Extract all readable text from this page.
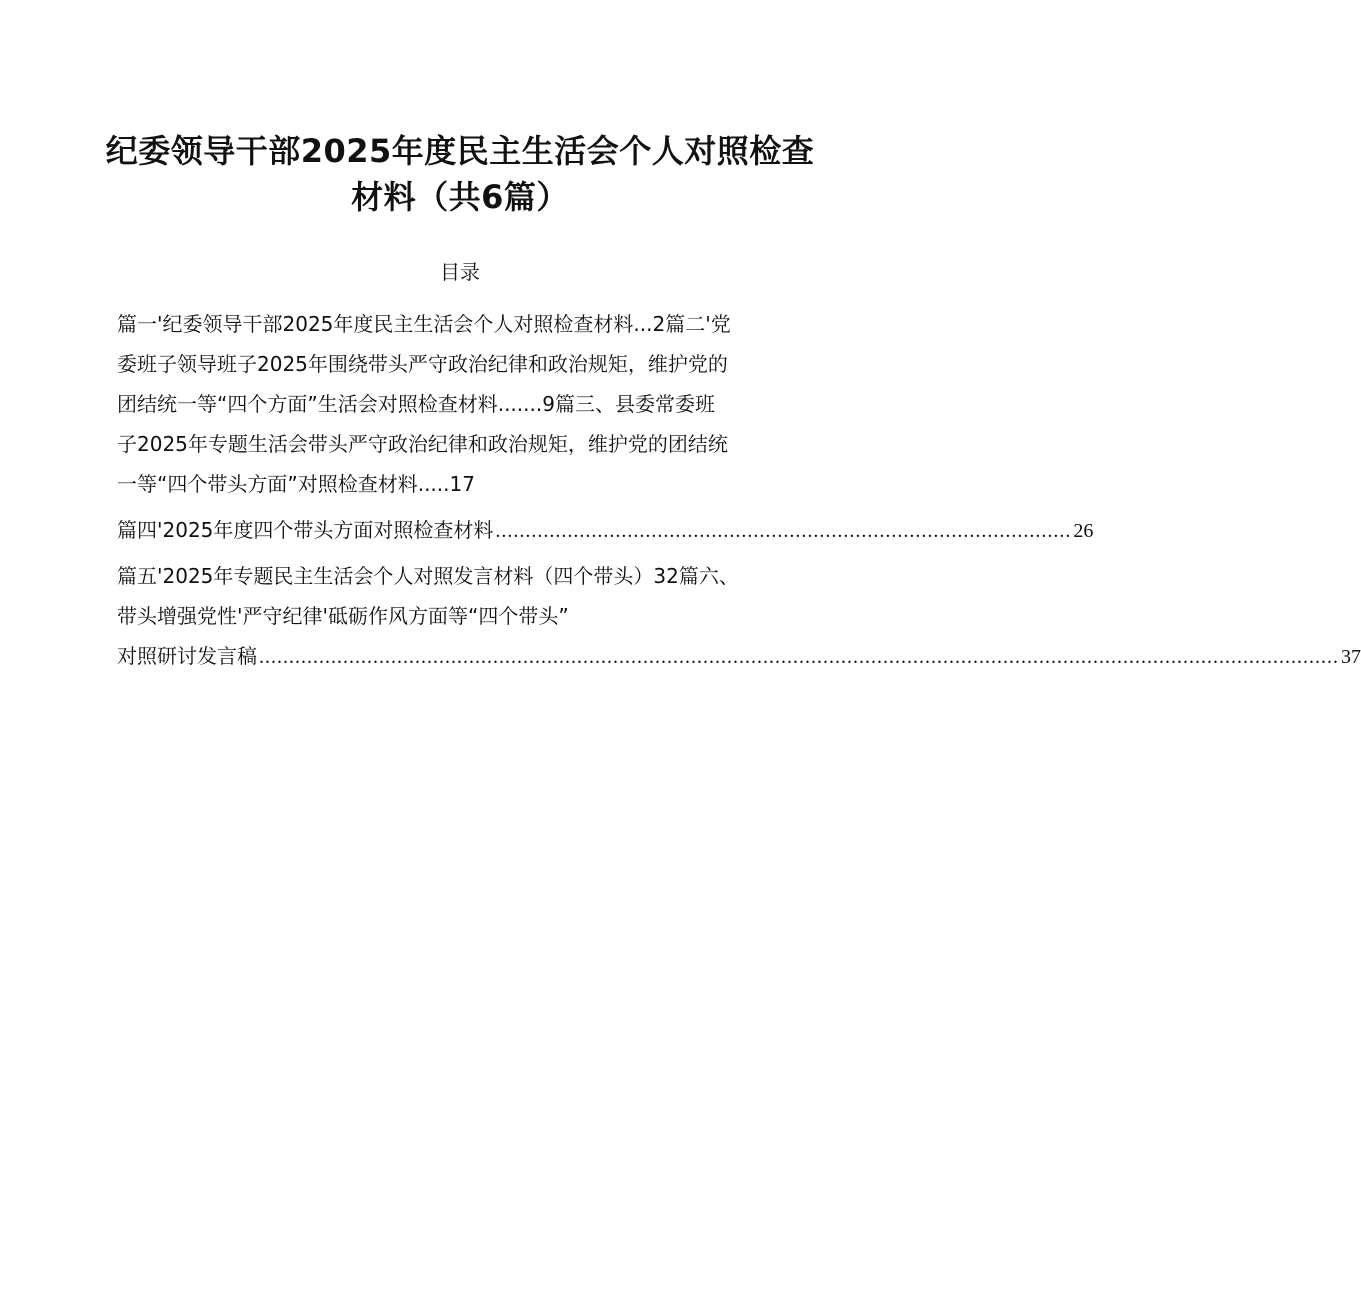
纪委领导干部2025年度民主生活会个人对照检查
材料（共6篇）
目录
篇一'纪委领导干部2025年度民主生活会个人对照检查材料...2篇二'党
委班子领导班子2025年围绕带头严守政治纪律和政治规矩，维护党的
团结统一等“四个方面”生活会对照检查材料.......9篇三、县委常委班
子2025年专题生活会带头严守政治纪律和政治规矩，维护党的团结统
一等“四个带头方面”对照检查材料.....17
篇四'2025年度四个带头方面对照检查材料 ................................................................................................ 26
篇五'2025年专题民主生活会个人对照发言材料（四个带头）32篇六、
带头增强党性'严守纪律'砥砺作风方面等“四个带头”
对照研讨发言稿 .................................................................................................................................................................................... 37
